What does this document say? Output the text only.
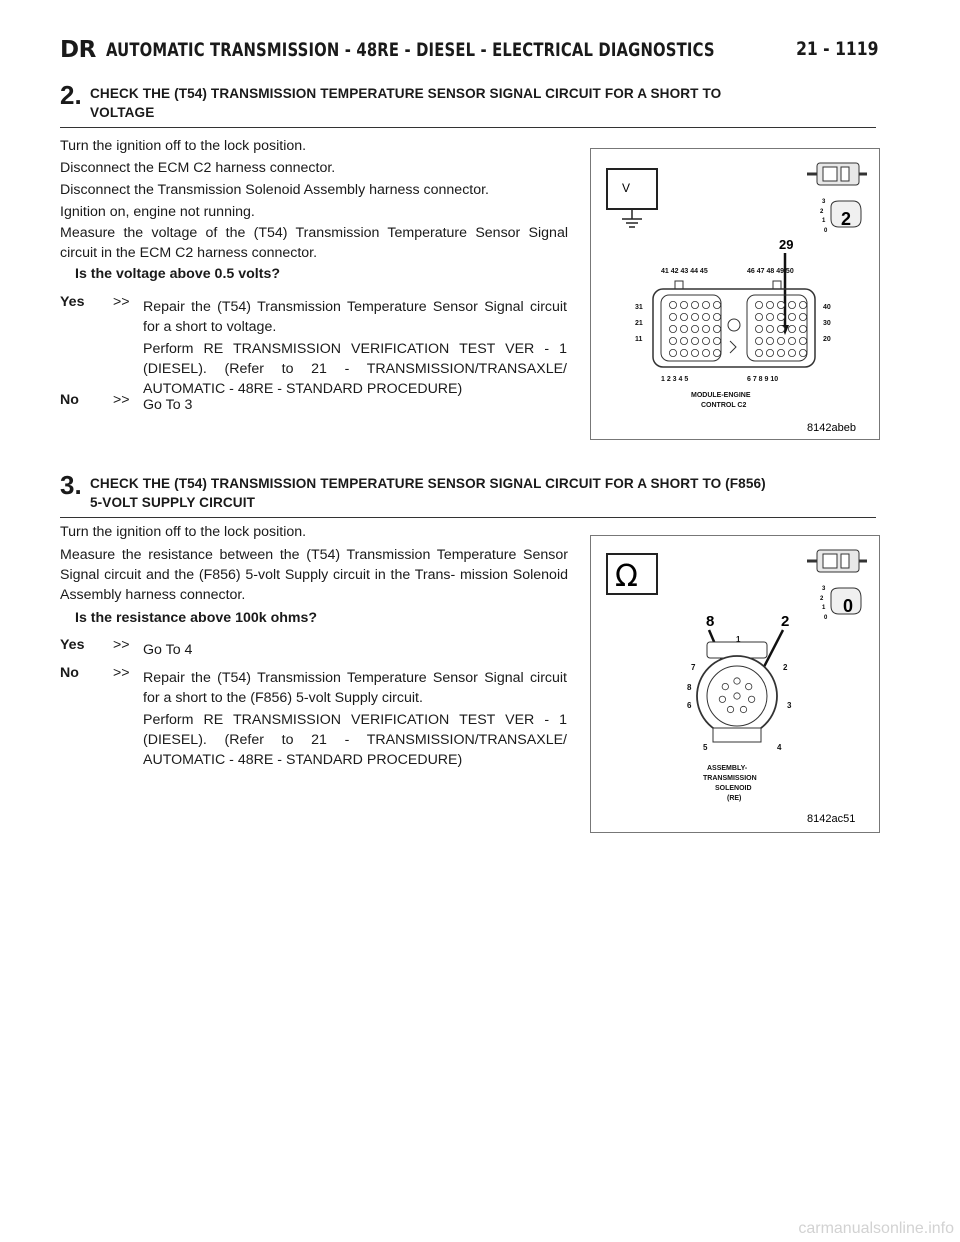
DR AUTOMATIC TRANSMISSION - 48RE - DIESEL - ELECTRICAL DIAGNOSTICS	21 - 1119
2. CHECK THE (T54) TRANSMISSION TEMPERATURE SENSOR SIGNAL CIRCUIT FOR A SHORT TO
VOLTAGE

Turn the ignition off to the lock position.

Disconnect the ECM C2 harness connector.

Disconnect the Transmission Solenoid Assembly harness connector.

Ignition on, engine not running.

Measure the voltage of the (T54) Transmission Temperature Sensor Signal circuit in the ECM C2 harness connector.

Is the voltage above 0.5 volts?
Yes >> Repair the (T54) Transmission Temperature Sensor Signal circuit for a short to voltage.

Perform RE TRANSMISSION VERIFICATION TEST VER - 1 (DIESEL). (Refer to 21 - TRANSMISSION/TRANSAXLE/ AUTOMATIC - 48RE - STANDARD PROCEDURE)

No >> Go To 3

V
3
2
1
0
2
29
41 42 43 44 45	46 47 48 49 50
31
21
11
40
30
20
1 2 3 4 5	6 7 8 9 10
MODULE-ENGINE
CONTROL C2
8142abeb
3. CHECK THE (T54) TRANSMISSION TEMPERATURE SENSOR SIGNAL CIRCUIT FOR A SHORT TO (F856)
5-VOLT SUPPLY CIRCUIT

Turn the ignition off to the lock position.

Measure the resistance between the (T54) Transmission Temperature Sensor Signal circuit and the (F856) 5-volt Supply circuit in the Trans- mission Solenoid Assembly harness connector.

Is the resistance above 100k ohms?
Yes >> Go To 4

No >> Repair the (T54) Transmission Temperature Sensor Signal circuit for a short to the (F856) 5-volt Supply circuit.

Perform RE TRANSMISSION VERIFICATION TEST VER - 1 (DIESEL). (Refer to 21 - TRANSMISSION/TRANSAXLE/ AUTOMATIC - 48RE - STANDARD PROCEDURE)

Ω	3
2
1
0
0
8	2
1
2
3
4
5
6
7
8
ASSEMBLY-
TRANSMISSION
SOLENOID
(RE)
8142ac51
carmanualsonline.info
